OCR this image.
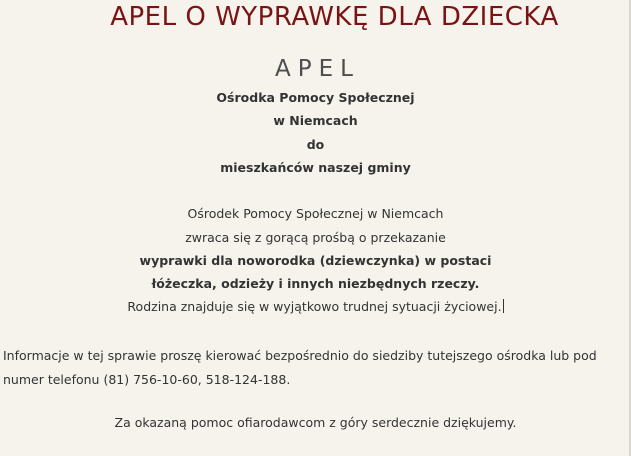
APEL O WYPRAWKĘ DLA DZIECKA
APEL
Ośrodka Pomocy Społecznej
w Niemcach
do
mieszkańców naszej gminy
Ośrodek Pomocy Społecznej w Niemcach
zwraca się z gorącą prośbą o przekazanie
wyprawki dla noworodka (dziewczynka) w postaci
łóżeczka, odzieży i innych niezbędnych rzeczy.
Rodzina znajduje się w wyjątkowo trudnej sytuacji życiowej.
Informacje w tej sprawie proszę kierować bezpośrednio do siedziby tutejszego ośrodka lub pod numer telefonu (81) 756-10-60, 518-124-188.
Za okazaną pomoc ofiarodawcom z góry serdecznie dziękujemy.
